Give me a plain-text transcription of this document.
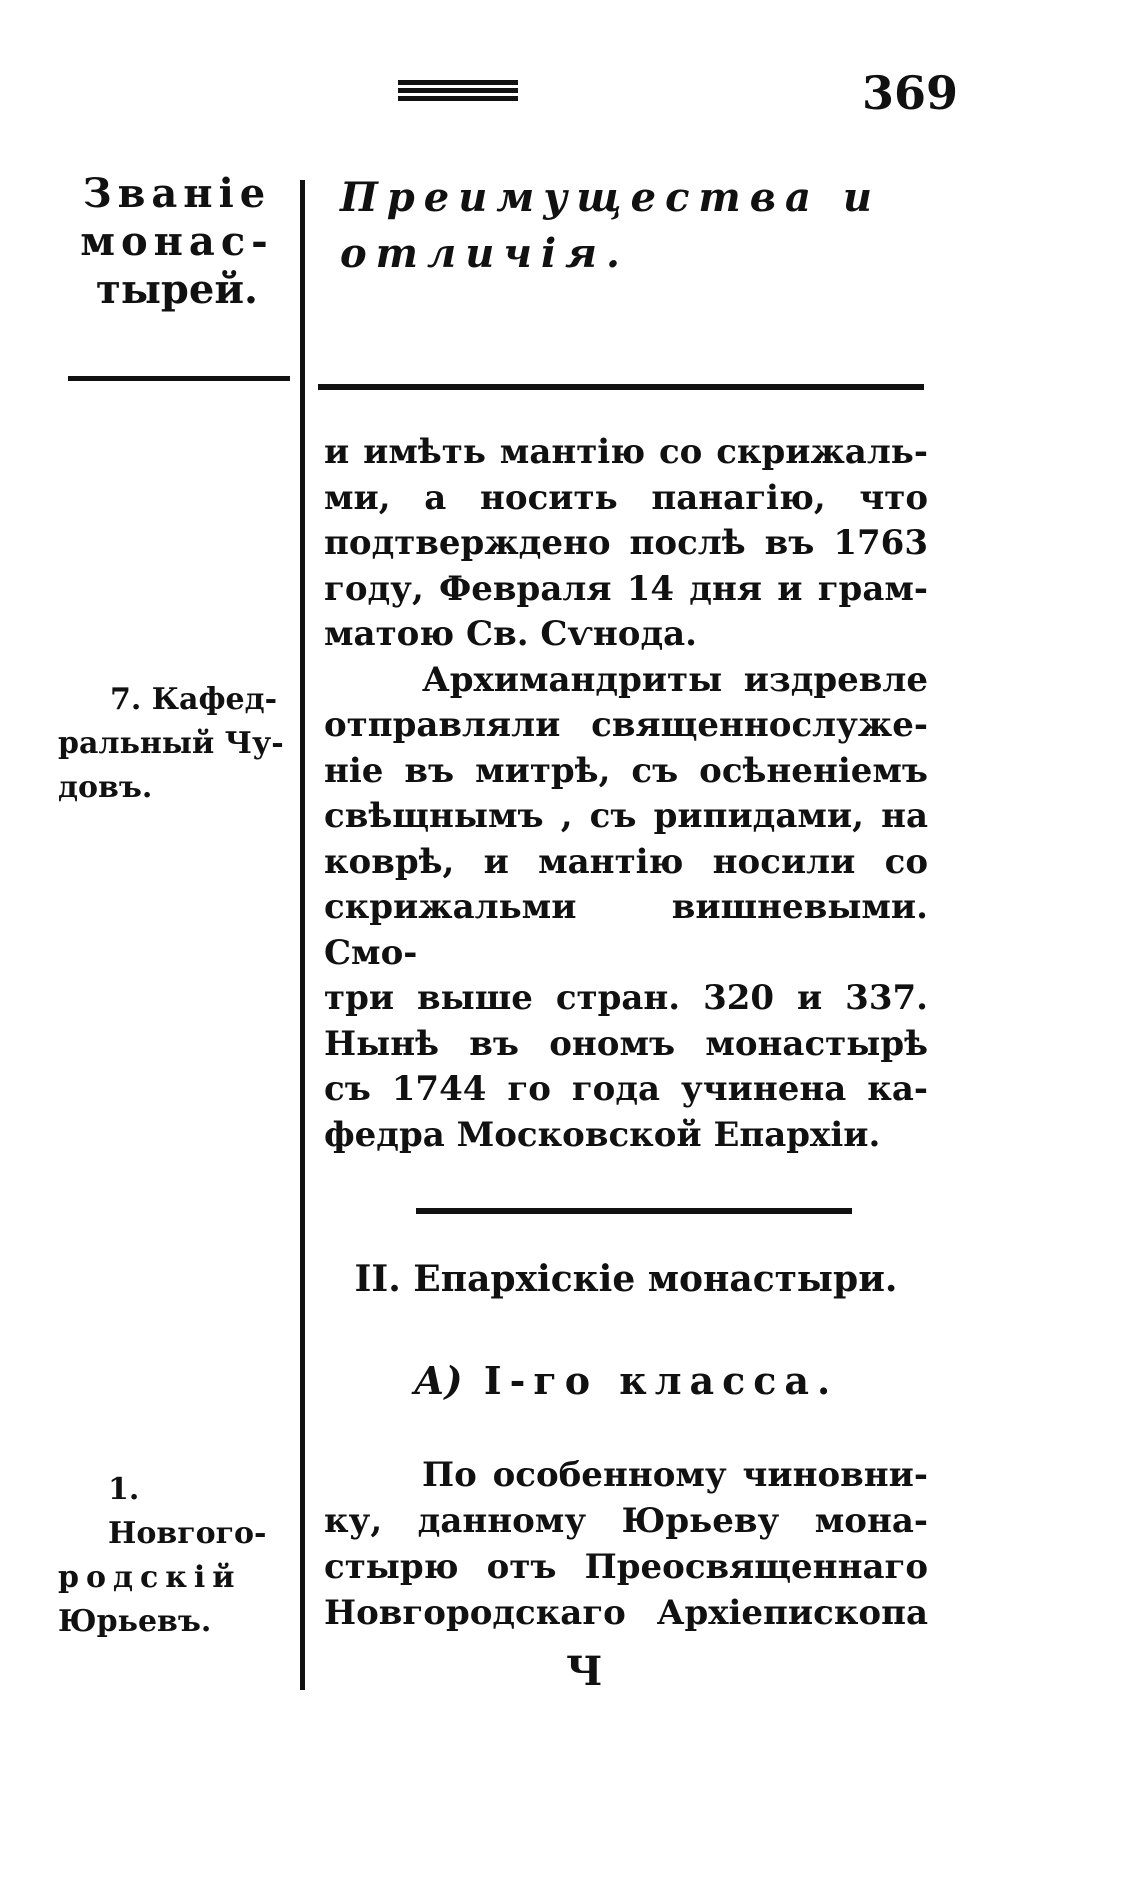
369
Званіе
монас-
тырей.
Преимущества и
отличія.

и имѣть мантію со скрижаль-
ми, а носить панагію, что
подтверждено послѣ въ 1763
году, Февраля 14 дня и грам-
матою Св. Сѵнода.

Архимандриты издревле
отправляли священнослуже-
ніе въ митрѣ, съ осѣненіемъ
свѣщнымъ , съ рипидами, на
коврѣ, и мантію носили со
скрижальми вишневыми. Смо-
три выше стран. 320 и 337.
Нынѣ въ ономъ монастырѣ
съ 1744 го года учинена ка-
федра Московской Епархіи.

II. Епархіскіе монастыри.
А) I-го класса.
По особенному чиновни-
ку, данному Юрьеву мона-
стырю отъ Преосвященнаго
Новгородскаго Архіепископа
Ч
7. Кафед-
ральный Чу-
довъ.
1. Новгого-
родскій
Юрьевъ.
